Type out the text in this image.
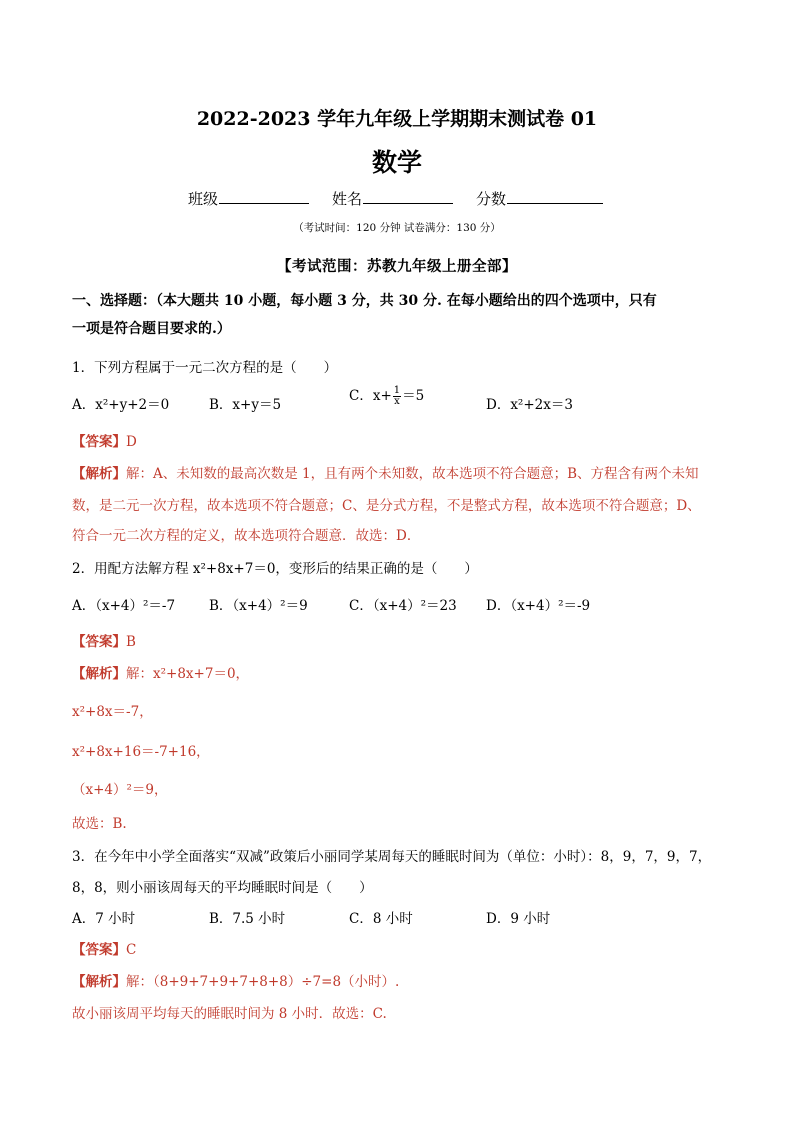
2022-2023 学年九年级上学期期末测试卷 01
数学
班级	姓名	分数
（考试时间：120 分钟 试卷满分：130 分）
【考试范围：苏教九年级上册全部】
一、选择题：（本大题共 10 小题，每小题 3 分，共 30 分. 在每小题给出的四个选项中，只有
一项是符合题目要求的.）
1．下列方程属于一元二次方程的是（　　）
A．x²+y+2＝0	B．x+y＝5
C．$x+ \frac{1}{x} =5$
D．x²+2x＝3
【答案】D
【解析】解：A、未知数的最高次数是 1，且有两个未知数，故本选项不符合题意；B、方程含有两个未知
数，是二元一次方程，故本选项不符合题意；C、是分式方程，不是整式方程，故本选项不符合题意；D、
符合一元二次方程的定义，故本选项符合题意．故选：D．
2．用配方法解方程 x²+8x+7＝0，变形后的结果正确的是（　　）
A．（x+4）²＝-7	B．（x+4）²＝9	C．（x+4）²＝23 D．（x+4）²＝-9
【答案】B
【解析】解：x²+8x+7＝0，
x²+8x＝-7，
x²+8x+16＝-7+16，
（x+4）²＝9，
故选：B.
3．在今年中小学全面落实“双减”政策后小丽同学某周每天的睡眠时间为（单位：小时）：8，9，7，9，7，
8，8，则小丽该周每天的平均睡眠时间是（　　）
A．7 小时	B．7.5 小时	C．8 小时	D．9 小时
【答案】C
【解析】解：（8+9+7+9+7+8+8）÷7=8（小时）.
故小丽该周平均每天的睡眠时间为 8 小时．故选：C.
